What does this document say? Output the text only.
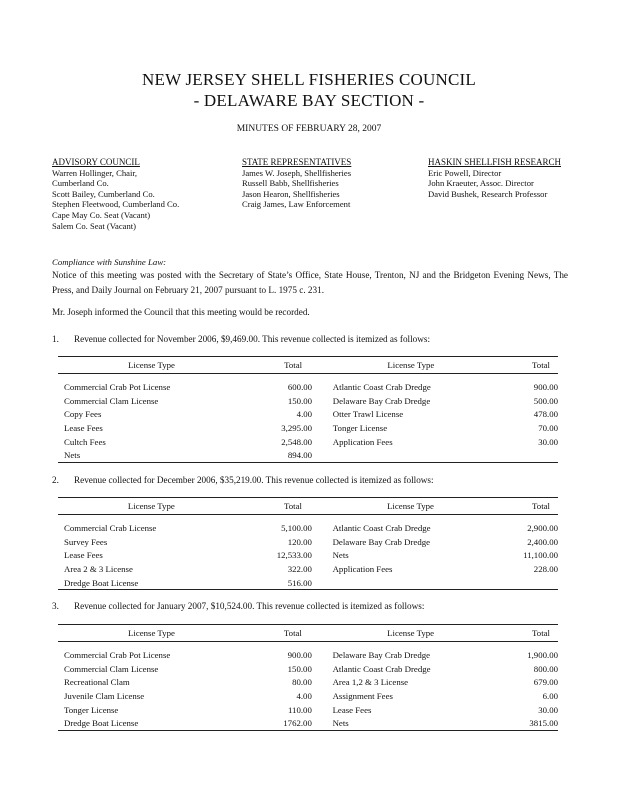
NEW JERSEY SHELL FISHERIES COUNCIL
- DELAWARE BAY SECTION -
MINUTES OF FEBRUARY 28, 2007
ADVISORY COUNCIL
Warren Hollinger, Chair,
Cumberland Co.
Scott Bailey, Cumberland Co.
Stephen Fleetwood, Cumberland Co.
Cape May Co. Seat (Vacant)
Salem Co. Seat (Vacant)
STATE REPRESENTATIVES
James W. Joseph, Shellfisheries
Russell Babb, Shellfisheries
Jason Hearon, Shellfisheries
Craig James, Law Enforcement
HASKIN SHELLFISH RESEARCH
Eric Powell, Director
John Kraeuter, Assoc. Director
David Bushek, Research Professor
Compliance with Sunshine Law:
Notice of this meeting was posted with the Secretary of State’s Office, State House, Trenton, NJ and the Bridgeton Evening News, The Press, and Daily Journal on February 21, 2007 pursuant to L. 1975 c. 231.
Mr. Joseph informed the Council that this meeting would be recorded.
1. Revenue collected for November 2006, $9,469.00. This revenue collected is itemized as follows:
License Type	Total		License Type	Total

Commercial Crab Pot License	600.00		Atlantic Coast Crab Dredge	900.00
Commercial Clam License	150.00		Delaware Bay Crab Dredge	500.00
Copy Fees	4.00		Otter Trawl License	478.00
Lease Fees	3,295.00		Tonger License	70.00
Cultch Fees	2,548.00		Application Fees	30.00
Nets	894.00			
2. Revenue collected for December 2006, $35,219.00. This revenue collected is itemized as follows:
License Type	Total		License Type	Total

Commercial Crab License	5,100.00		Atlantic Coast Crab Dredge	2,900.00
Survey Fees	120.00		Delaware Bay Crab Dredge	2,400.00
Lease Fees	12,533.00		Nets	11,100.00
Area 2 & 3 License	322.00		Application Fees	228.00
Dredge Boat License	516.00			
3. Revenue collected for January 2007, $10,524.00. This revenue collected is itemized as follows:
License Type	Total		License Type	Total

Commercial Crab Pot License	900.00		Delaware Bay Crab Dredge	1,900.00
Commercial Clam License	150.00		Atlantic Coast Crab Dredge	800.00
Recreational Clam	80.00		Area 1,2 & 3 License	679.00
Juvenile Clam License	4.00		Assignment Fees	6.00
Tonger License	110.00		Lease Fees	30.00
Dredge Boat License	1762.00		Nets	3815.00
